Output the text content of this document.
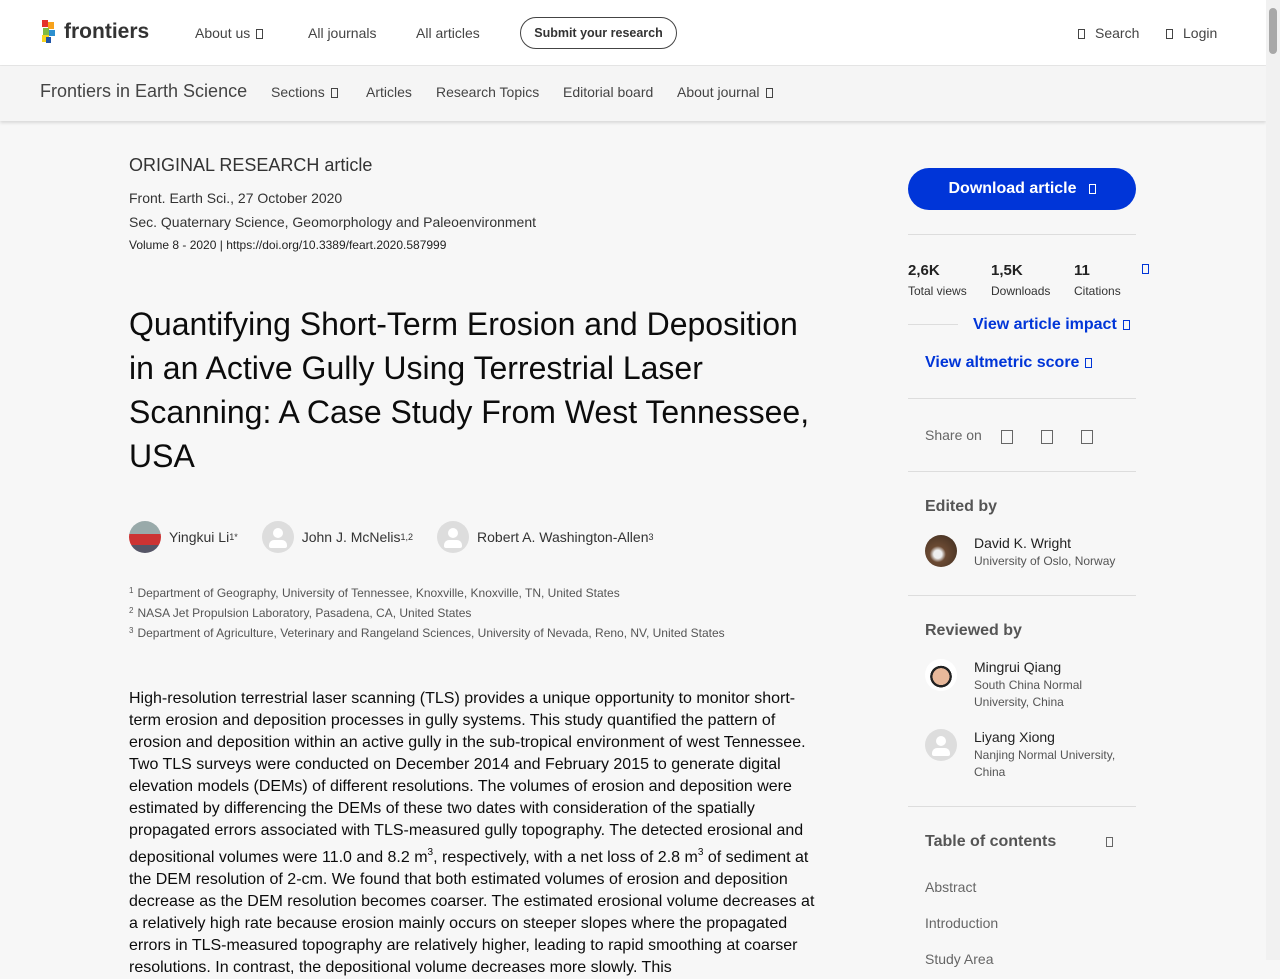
frontiers	About us	All journals	All articles	Submit your research	Search	Login
Frontiers in Earth Science Sections	Articles Research Topics Editorial board About journal
ORIGINAL RESEARCH article
Front. Earth Sci., 27 October 2020
Sec. Quaternary Science, Geomorphology and Paleoenvironment
Volume 8 - 2020 | https://doi.org/10.3389/feart.2020.587999
Quantifying Short-Term Erosion and Deposition in an Active Gully Using Terrestrial Laser Scanning: A Case Study From West Tennessee, USA
Yingkui Li 1*	John J. McNelis 1,2	Robert A. Washington-Allen 3
$^1$ Department of Geography, University of Tennessee, Knoxville, Knoxville, TN, United States
$^2$ NASA Jet Propulsion Laboratory, Pasadena, CA, United States
$^3$ Department of Agriculture, Veterinary and Rangeland Sciences, University of Nevada, Reno, NV, United States

High-resolution terrestrial laser scanning (TLS) provides a unique opportunity to monitor short-term erosion and deposition processes in gully systems. This study quantified the pattern of erosion and deposition within an active gully in the sub-tropical environment of west Tennessee. Two TLS surveys were conducted on December 2014 and February 2015 to generate digital elevation models (DEMs) of different resolutions. The volumes of erosion and deposition were estimated by differencing the DEMs of these two dates with consideration of the spatially propagated errors associated with TLS-measured gully topography. The detected erosional and depositional volumes were 11.0 and 8.2 $m^3$, respectively, with a net loss of 2.8 $m^3$ of sediment at the DEM resolution of 2-cm. We found that both estimated volumes of erosion and deposition decrease as the DEM resolution becomes coarser. The estimated erosional volume decreases at a relatively high rate because erosion mainly occurs on steeper slopes where the propagated errors in TLS-measured topography are relatively higher, leading to rapid smoothing at coarser resolutions. In contrast, the depositional volume decreases more slowly. This

Download article
2,6K
Total views
1,5K
Downloads
11
Citations
View article impact
View altmetric score
Share on
Edited by
David K. Wright
University of Oslo, Norway
Reviewed by
Mingrui Qiang
South China Normal University, China
Liyang Xiong
Nanjing Normal University, China
Table of contents
Abstract
Introduction
Study Area
